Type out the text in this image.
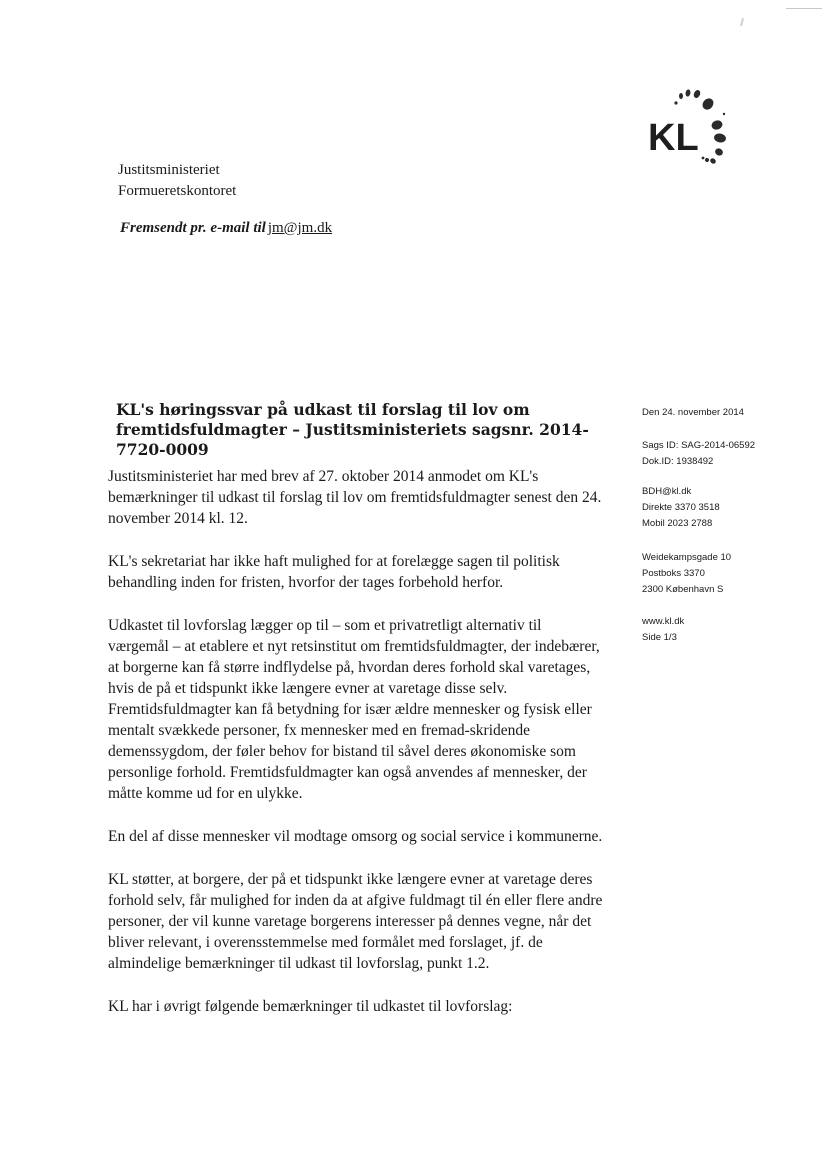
KL
Justitsministeriet
Formueretskontoret
Fremsendt pr. e-mail til jm@jm.dk
KL's høringssvar på udkast til forslag til lov om fremtidsfuldmagter – Justitsministeriets sagsnr. 2014-7720-0009

Justitsministeriet har med brev af 27. oktober 2014 anmodet om KL's bemærkninger til udkast til forslag til lov om fremtidsfuldmagter senest den 24. november 2014 kl. 12.

KL's sekretariat har ikke haft mulighed for at forelægge sagen til politisk behandling inden for fristen, hvorfor der tages forbehold herfor.

Udkastet til lovforslag lægger op til – som et privatretligt alternativ til værgemål – at etablere et nyt retsinstitut om fremtidsfuldmagter, der indebærer, at borgerne kan få større indflydelse på, hvordan deres forhold skal varetages, hvis de på et tidspunkt ikke længere evner at varetage disse selv. Fremtidsfuldmagter kan få betydning for især ældre mennesker og fysisk eller mentalt svækkede personer, fx mennesker med en fremad-skridende demenssygdom, der føler behov for bistand til såvel deres økonomiske som personlige forhold. Fremtidsfuldmagter kan også anvendes af mennesker, der måtte komme ud for en ulykke.

En del af disse mennesker vil modtage omsorg og social service i kommunerne.

KL støtter, at borgere, der på et tidspunkt ikke længere evner at varetage deres forhold selv, får mulighed for inden da at afgive fuldmagt til én eller flere andre personer, der vil kunne varetage borgerens interesser på dennes vegne, når det bliver relevant, i overensstemmelse med formålet med forslaget, jf. de almindelige bemærkninger til udkast til lovforslag, punkt 1.2.

KL har i øvrigt følgende bemærkninger til udkastet til lovforslag:

Den 24. november 2014
Sags ID: SAG-2014-06592
Dok.ID: 1938492
BDH@kl.dk
Direkte 3370 3518
Mobil 2023 2788
Weidekampsgade 10
Postboks 3370
2300 København S
www.kl.dk
Side 1/3
